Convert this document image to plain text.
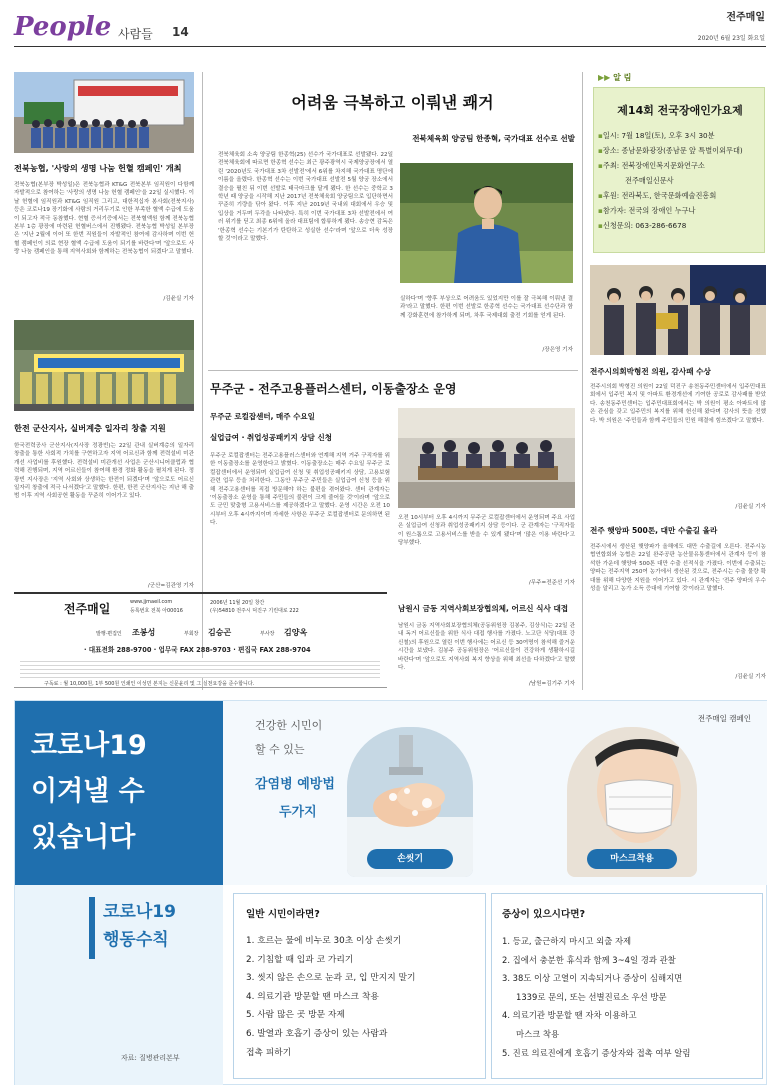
People 사람들 14
전주매일
2020년 6월 23일 화요일
전북농협, '사랑의 생명 나눔 헌혈 캠페인' 개최
전북농협(본부장 박성일)은 전북농협과 KT&G 전북본부 임직원이 다함께 자발적으로 참여하는 '사랑의 생명 나눔 헌혈 캠페인'을 22일 실시했다. 이날 헌혈에 임직원과 KT&G 임직원 그리고, 대한적십자 봉사회(전북지사) 등은 코로나19 장기화에 사람의 거리두기로 인한 부족한 혈액 수급에 도움이 되고자 적극 동참했다. 현혈 증서기증에서는 전북혈액원 함께 전북농협본부 1층 광장에 마련된 헌혈버스에서 진행됐다. 전북농협 박성일 본부장은 '지난 2월에 이어 또 한번 직원들이 자발적인 참여에 감사하며 이번 헌혈 캠페인이 의료 현장 혈액 수급에 도움이 되기를 바란다'며 '앞으로도 사랑 나눔 캠페인을 통해 지역사회와 함께하는 전북농협이 되겠다'고 말했다.
/김윤실 기자
한전 군산지사, 실버계층 일자리 창출 지원
한국전력공사 군산지사(지사장 정광빈)는 22일 관내 실버계층의 일자리 창출을 통한 사회적 가치를 구현하고자 지역 어르신과 함께 전력설비 미관개선 사업비를 후원했다. 전력설비 미관개선 사업은 군산시니어클럽과 협력해 진행되며, 지역 어르신들이 참여해 환경 정화 활동을 펼치게 된다. 정광빈 지사장은 '지역 사회와 상생하는 한전이 되겠다'며 '앞으로도 어르신 일자리 창출에 적극 나서겠다'고 말했다. 한편, 한전 군산지사는 지난 해 출범 이후 지역 사회공헌 활동을 꾸준히 이어가고 있다.
/군산=김관영 기자
어려움 극복하고 이뤄낸 쾌거
전북체육회 양궁팀 한종혁, 국가대표 선수로 선발
전북체육회 소속 양궁팀 한종혁(25) 선수가 국가대표로 선발됐다. 22일 전북체육회에 따르면 한종혁 선수는 최근 광주광역시 국제양궁장에서 열린 '2020년도 국가대표 3차 선발전'에서 6위를 차지해 국가대표 명단에 이름을 올렸다. 한종혁 선수는 이번 국가대표 선발전 5월 양궁 장소에서 결승을 펼친 뒤 이번 선발로 태극마크를 달게 됐다. 한 선수는 중학교 3학년 때 양궁을 시작해 지난 2017년 전북체육회 양궁팀으로 입단하면서 꾸준히 기량을 닦아 왔다. 이후 지난 2019년 국내외 대회에서 우승 및 입상을 거두며 두각을 나타냈다. 특히 이번 국가대표 3차 선발전에서 여러 위기를 딛고 최종 6위에 올라 대표팀에 합류하게 됐다. 송승현 감독은 '한종혁 선수는 기본기가 탄탄하고 성실한 선수'라며 '앞으로 더욱 성장할 것'이라고 말했다.
실하다'며 '향후 부상으로 어려움도 있었지만 이를 잘 극복해 이뤄낸 결과'라고 말했다. 한편 이번 선발로 한종혁 선수는 국가대표 선수단과 함께 강화훈련에 참가하게 되며, 차후 국제대회 출전 기회를 얻게 된다.
/장은영 기자
무주군 - 전주고용플러스센터, 이동출장소 운영
무주군 로컬잡센터, 매주 수요일
실업급여 · 취업성공패키지 상담 신청
무주군 로컬잡센터는 전주고용플러스센터와 연계해 지역 거주 구직자를 위한 이동출장소를 운영한다고 밝혔다. 이동출장소는 매주 수요일 무주군 로컬잡센터에서 운영되며 실업급여 신청 및 취업성공패키지 상담, 고용보험 관련 업무 등을 처리한다. 그동안 무주군 주민들은 실업급여 신청 등을 위해 전주고용센터를 직접 방문해야 하는 불편을 겪어왔다. 센터 관계자는 '이동출장소 운영을 통해 주민들의 불편이 크게 줄어들 것'이라며 '앞으로도 군민 맞춤형 고용서비스를 제공하겠다'고 말했다. 운영 시간은 오전 10시부터 오후 4시까지이며 자세한 사항은 무주군 로컬잡센터로 문의하면 된다.
오전 10시부터 오후 4시까지 무주군 로컬잡센터에서 운영되며 주요 사업은 실업급여 신청과 취업성공패키지 상담 등이다. 군 관계자는 '구직자들이 원스톱으로 고용서비스를 받을 수 있게 됐다'며 '많은 이용 바란다'고 당부했다.
/무주=전준선 기자
전주매일	www.jjmaeil.com
등록번호 전북 아00016
2006년 11월 20일 창간
(우)54810 전주시 덕진구 기린대로 222
발행·편집인 조봉성	부회장 김승곤	부사장 김양옥
· 대표전화 288-9700 · 업무국 FAX 288-9703 · 편집국 FAX 288-9704
구독료 : 월 10,000원, 1부 500원 인쇄인 이성민 본지는 신문윤리 및 그 실천요강을 준수합니다.
남원시 금동 지역사회보장협의체, 어르신 식사 대접
남원시 금동 지역사회보장협의체(공동위원장 김봉주, 김상식)는 22일 관내 독거 어르신들을 위한 식사 대접 행사를 가졌다. 노고단 식당(대표 강신철)의 후원으로 열린 이번 행사에는 어르신 등 30여명이 참석해 즐거운 시간을 보냈다. 김봉주 공동위원장은 '어르신들이 건강하게 생활하시길 바란다'며 '앞으로도 지역사회 복지 향상을 위해 최선을 다하겠다'고 말했다.
/남원=김기주 기자
▶▶ 알 림
제14회 전국장애인가요제
▪일시: 7월 18일(토), 오후 3시 30분
▪장소: 종남문화광장(종남문 앞 특별이외무대)
▪주최: 전북장애인복지문화연구소
전주매일신문사
▪후원: 전라북도, 한국문화예술진흥회
▪참가자: 전국의 장애인 누구나
▪신청문의: 063-286-6678
전주시의회박형전 의원, 감사패 수상
전주시의회 박형진 의원이 22일 덕진구 송천동주민센터에서 입주민대표회에서 입주민 복지 및 아파트 환경개선에 기여한 공로로 감사패를 받았다. 송천동주민센터는 입주민대표회에서는 박 의원이 평소 아파트에 많은 관심을 갖고 입주민의 복지를 위해 헌신해 왔다며 감사의 뜻을 전했다. 박 의원은 '주민들과 함께 주민들의 민원 해결에 힘쓰겠다'고 말했다.
/김윤실 기자
전주 햇앙파 500톤, 대만 수출길 올라
전주시에서 생산된 햇양파가 올해에도 대만 수출길에 오른다. 전주시농협연합회와 농협은 22일 완주공판 농산물유통센터에서 관계자 등이 참석한 가운데 햇양파 500톤 대만 수출 선적식을 가졌다. 이번에 수출되는 양파는 전주지역 250여 농가에서 생산된 것으로, 전주시는 수출 물량 확대를 위해 다양한 지원을 이어가고 있다. 시 관계자는 '전주 양파의 우수성을 알리고 농가 소득 증대에 기여할 것'이라고 말했다.
/김윤실 기자
코로나19
이겨낼 수
있습니다
코로나19
행동수칙
자료: 질병관리본부
전주매일 캠페인
건강한 시민이
할 수 있는
감염병 예방법
두가지
손씻기	마스크착용
일반 시민이라면?
1. 흐르는 물에 비누로 30초 이상 손씻기
2. 기침할 때 입과 코 가리기
3. 씻지 않은 손으로 눈과 코, 입 만지지 말기
4. 의료기관 방문할 땐 마스크 착용
5. 사람 많은 곳 방문 자제
6. 발열과 호흡기 증상이 있는 사람과
접촉 피하기
증상이 있으시다면?
1. 등교, 출근하지 마시고 외출 자제
2. 집에서 충분한 휴식과 함께 3~4일 경과 관찰
3. 38도 이상 고열이 지속되거나 증상이 심해지면
1339로 문의, 또는 선별진료소 우선 방문
4. 의료기관 방문할 땐 자차 이용하고
마스크 착용
5. 진료 의료진에게 호흡기 증상자와 접촉 여부 알림
